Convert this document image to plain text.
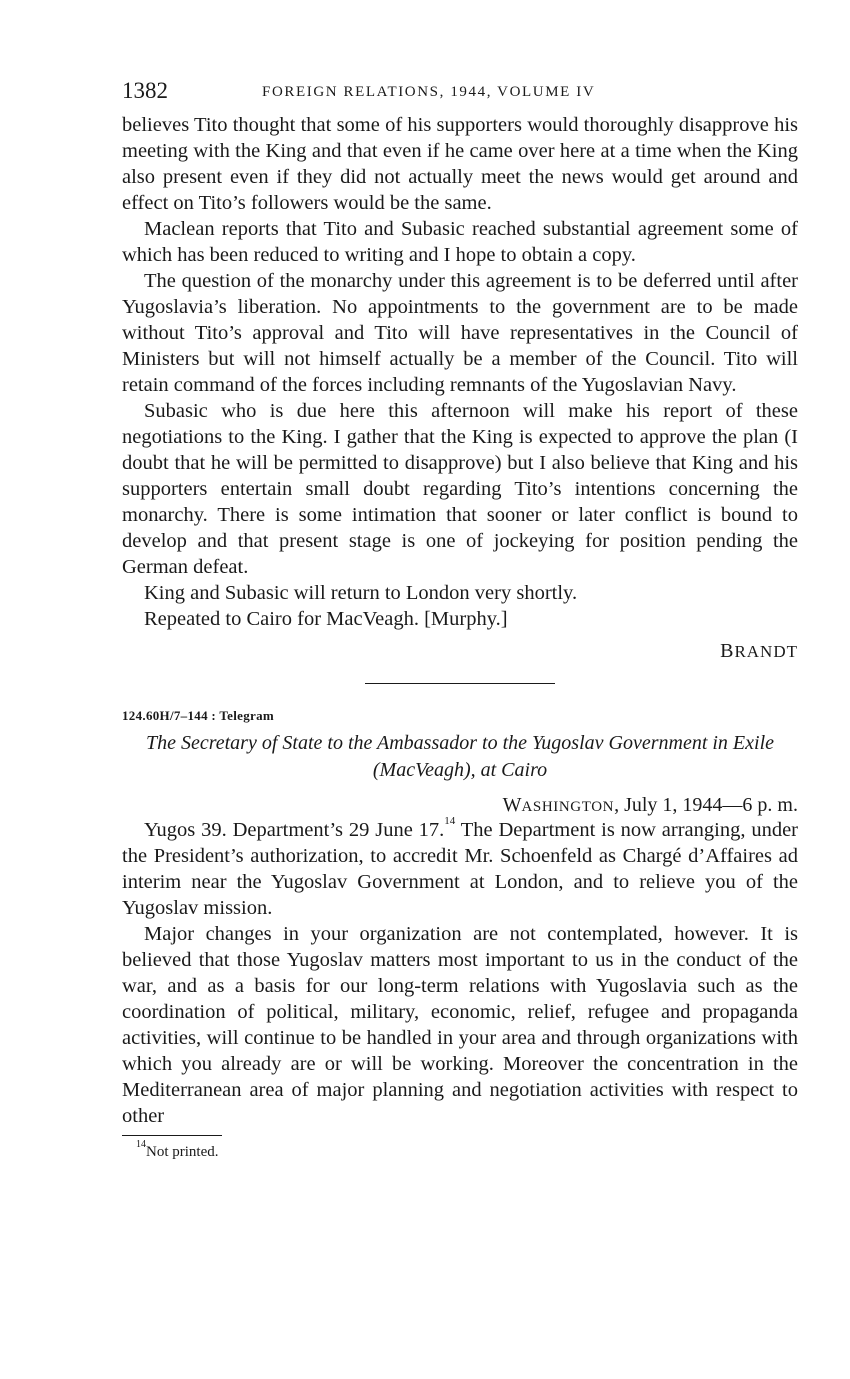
1382	FOREIGN RELATIONS, 1944, VOLUME IV

believes Tito thought that some of his supporters would thoroughly disapprove his meeting with the King and that even if he came over here at a time when the King also present even if they did not actually meet the news would get around and effect on Tito’s followers would be the same.

Maclean reports that Tito and Subasic reached substantial agreement some of which has been reduced to writing and I hope to obtain a copy.

The question of the monarchy under this agreement is to be deferred until after Yugoslavia’s liberation. No appointments to the government are to be made without Tito’s approval and Tito will have representatives in the Council of Ministers but will not himself actually be a member of the Council. Tito will retain command of the forces including remnants of the Yugoslavian Navy.

Subasic who is due here this afternoon will make his report of these negotiations to the King. I gather that the King is expected to approve the plan (I doubt that he will be permitted to disapprove) but I also believe that King and his supporters entertain small doubt regarding Tito’s intentions concerning the monarchy. There is some intimation that sooner or later conflict is bound to develop and that present stage is one of jockeying for position pending the German defeat.

King and Subasic will return to London very shortly.

Repeated to Cairo for MacVeagh. [Murphy.]

BRANDT

124.60H/7–144 : Telegram

The Secretary of State to the Ambassador to the Yugoslav Government in Exile (MacVeagh), at Cairo

WASHINGTON, July 1, 1944—6 p. m.

Yugos 39. Department’s 29 June 17.14 The Department is now arranging, under the President’s authorization, to accredit Mr. Schoenfeld as Chargé d’Affaires ad interim near the Yugoslav Government at London, and to relieve you of the Yugoslav mission.

Major changes in your organization are not contemplated, however. It is believed that those Yugoslav matters most important to us in the conduct of the war, and as a basis for our long-term relations with Yugoslavia such as the coordination of political, military, economic, relief, refugee and propaganda activities, will continue to be handled in your area and through organizations with which you already are or will be working. Moreover the concentration in the Mediterranean area of major planning and negotiation activities with respect to other

$^{14}$Not printed.
